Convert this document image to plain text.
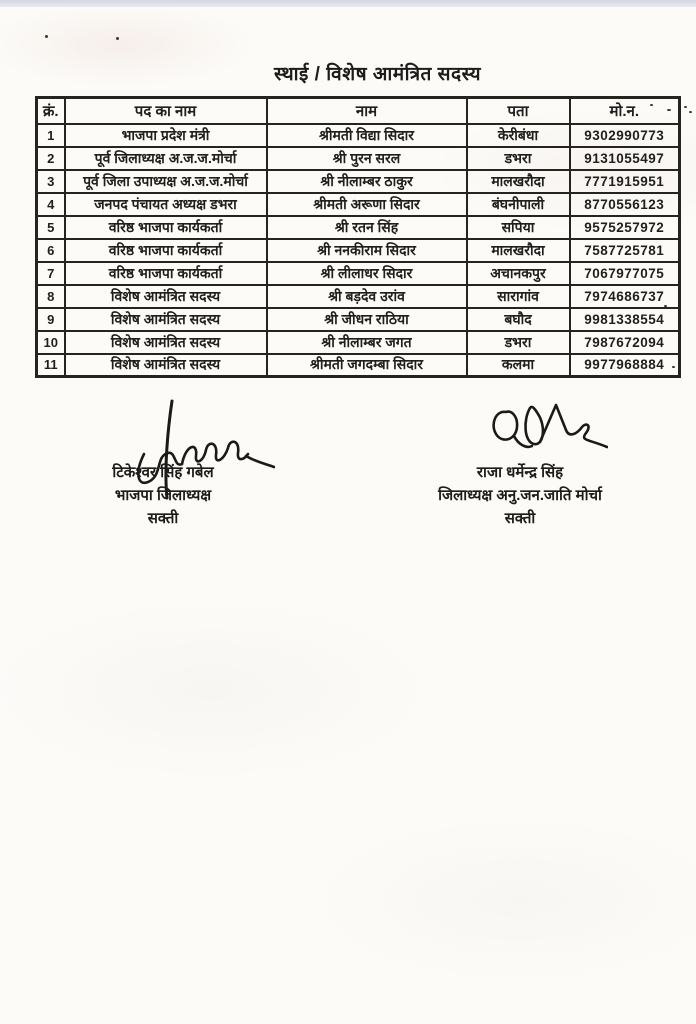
स्थाई / विशेष आमंत्रित सदस्य
क्रं.	पद का नाम	नाम	पता	मो.न.
1	भाजपा प्रदेश मंत्री	श्रीमती विद्या सिदार	केरीबंधा	9302990773
2	पूर्व जिलाध्यक्ष अ.ज.ज.मोर्चा	श्री पुरन सरल	डभरा	9131055497
3	पूर्व जिला उपाध्यक्ष अ.ज.ज.मोर्चा	श्री नीलाम्बर ठाकुर	मालखरौदा	7771915951
4	जनपद पंचायत अध्यक्ष डभरा	श्रीमती अरूणा सिदार	बंघनीपाली	8770556123
5	वरिष्ठ भाजपा कार्यकर्ता	श्री रतन सिंह	सपिया	9575257972
6	वरिष्ठ भाजपा कार्यकर्ता	श्री ननकीराम सिदार	मालखरौदा	7587725781
7	वरिष्ठ भाजपा कार्यकर्ता	श्री लीलाधर सिदार	अचानकपुर	7067977075
8	विशेष आमंत्रित सदस्य	श्री बड़देव उरांव	सारागांव	7974686737
9	विशेष आमंत्रित सदस्य	श्री जीधन राठिया	बघौद	9981338554
10	विशेष आमंत्रित सदस्य	श्री नीलाम्बर जगत	डभरा	7987672094
11	विशेष आमंत्रित सदस्य	श्रीमती जगदम्बा सिदार	कलमा	9977968884
टिकेश्वर सिंह गबेल
भाजपा जिलाध्यक्ष
सक्ती
राजा धर्मेन्द्र सिंह
जिलाध्यक्ष अनु.जन.जाति मोर्चा
सक्ती
